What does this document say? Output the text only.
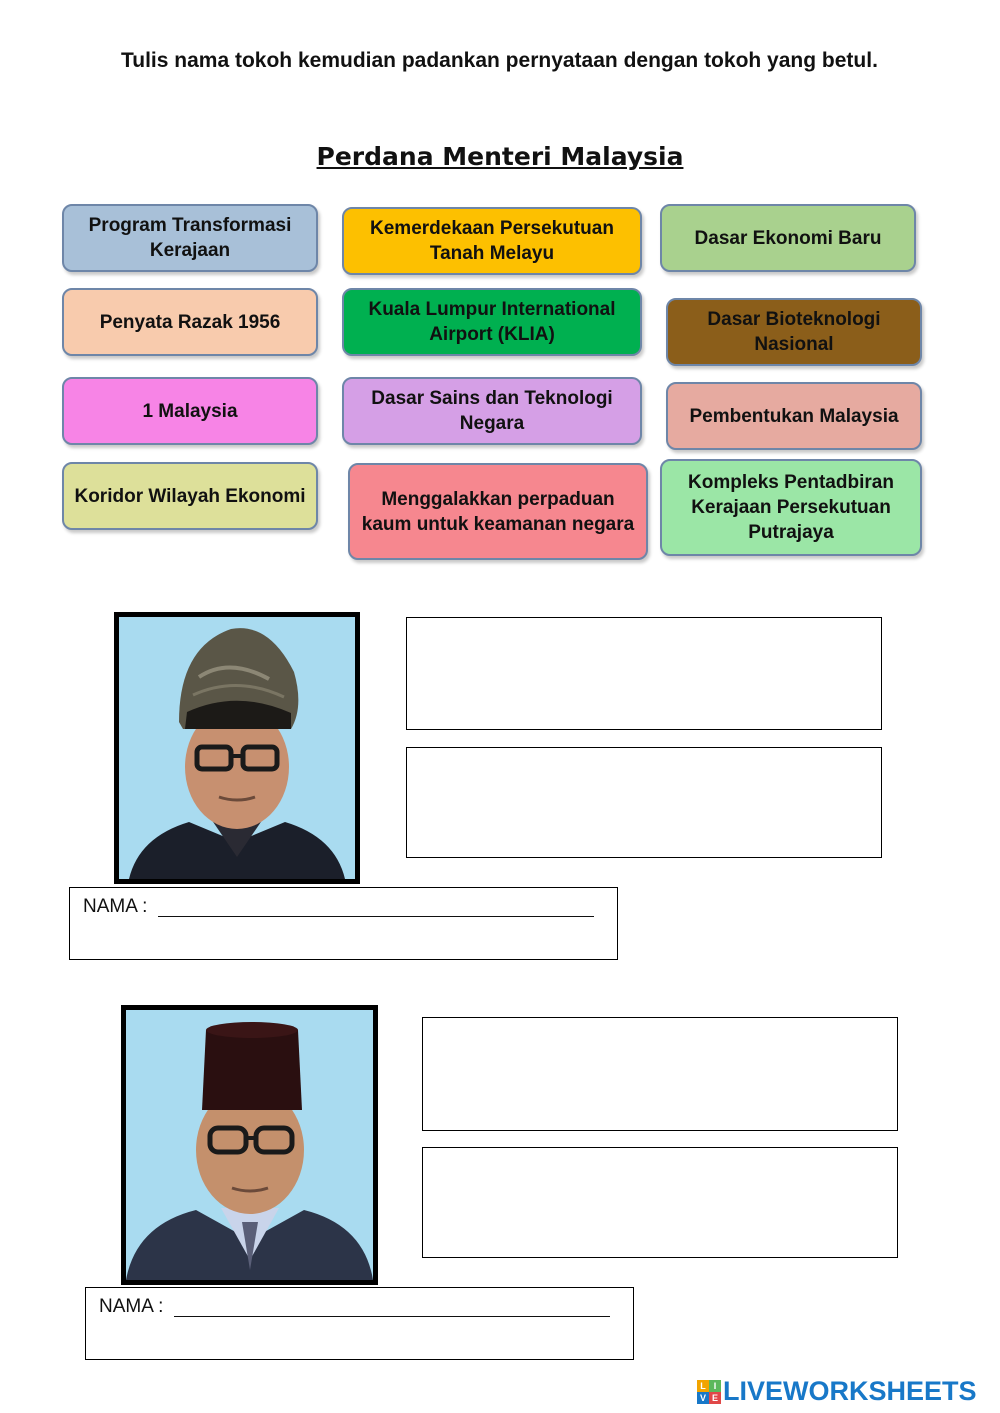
Tulis nama tokoh kemudian padankan pernyataan dengan tokoh yang betul.
Perdana Menteri Malaysia
Program Transformasi Kerajaan
Kemerdekaan Persekutuan Tanah Melayu
Dasar Ekonomi Baru
Penyata Razak 1956
Kuala Lumpur International Airport (KLIA)
Dasar Bioteknologi Nasional
1 Malaysia
Dasar Sains dan Teknologi Negara	Pembentukan Malaysia
Koridor Wilayah Ekonomi	Menggalakkan perpaduan kaum untuk keamanan negara
Kompleks Pentadbiran Kerajaan Persekutuan Putrajaya
NAMA :
NAMA :
L I
V E LIVEWORKSHEETS
